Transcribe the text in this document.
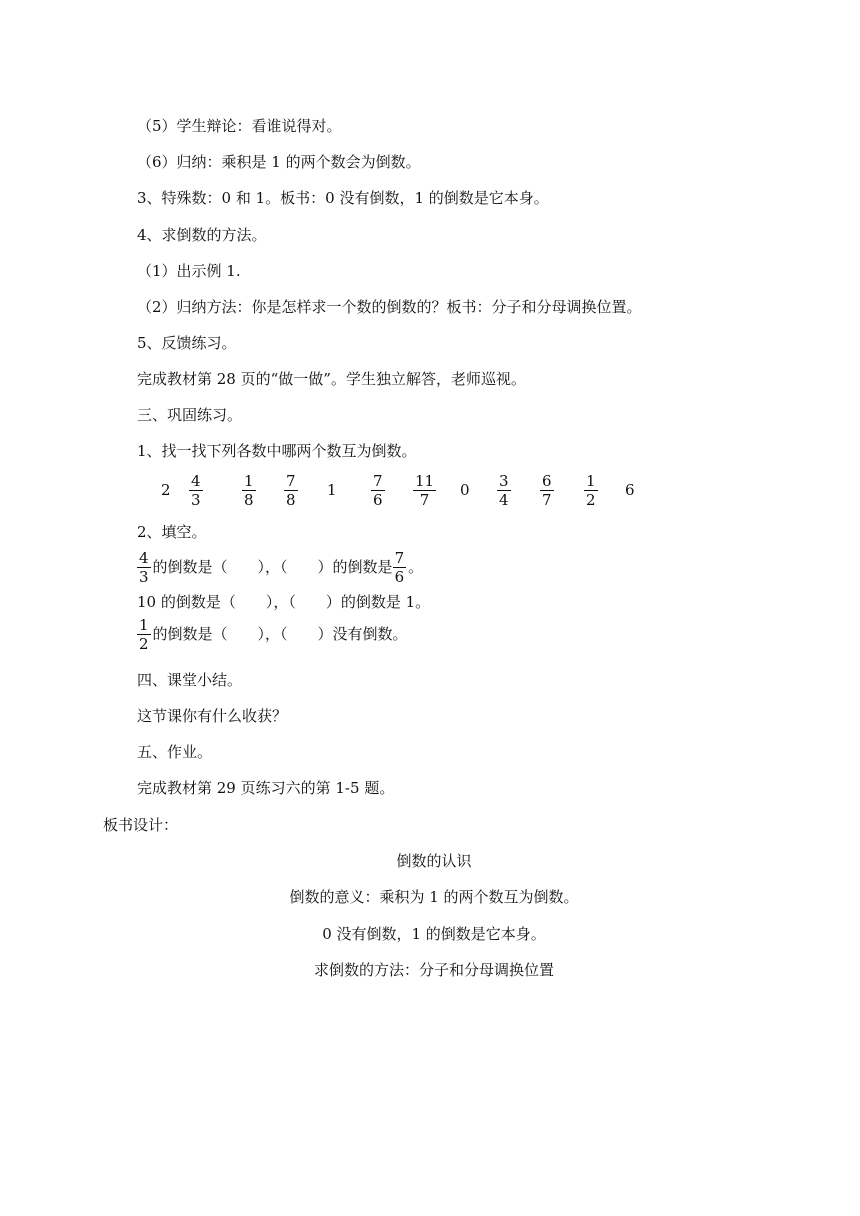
（5）学生辩论：看谁说得对。
（6）归纳：乘积是 1 的两个数会为倒数。
3、特殊数：0 和 1。板书：0 没有倒数，1 的倒数是它本身。
4、求倒数的方法。
（1）出示例 1.
（2）归纳方法：你是怎样求一个数的倒数的？板书：分子和分母调换位置。
5、反馈练习。
完成教材第 28 页的“做一做”。学生独立解答，老师巡视。
三、巩固练习。
1、找一找下列各数中哪两个数互为倒数。
$2 \frac{4}{3}$	$\frac{1}{8} \frac{7}{8} 1 \frac{7}{6} \frac{11}{7} 0 \frac{3}{4} \frac{6}{7} \frac{1}{2} 6$
2、填空。
$\frac{4}{3}$ 的倒数是（　　），（　　）的倒数是 $\frac{7}{6}$ 。
10 的倒数是（　　），（　　）的倒数是 1。
$\frac{1}{2}$ 的倒数是（　　），（　　）没有倒数。
四、课堂小结。
这节课你有什么收获？
五、作业。
完成教材第 29 页练习六的第 1-5 题。
板书设计：
倒数的认识
倒数的意义：乘积为 1 的两个数互为倒数。
0 没有倒数，1 的倒数是它本身。
求倒数的方法：分子和分母调换位置
